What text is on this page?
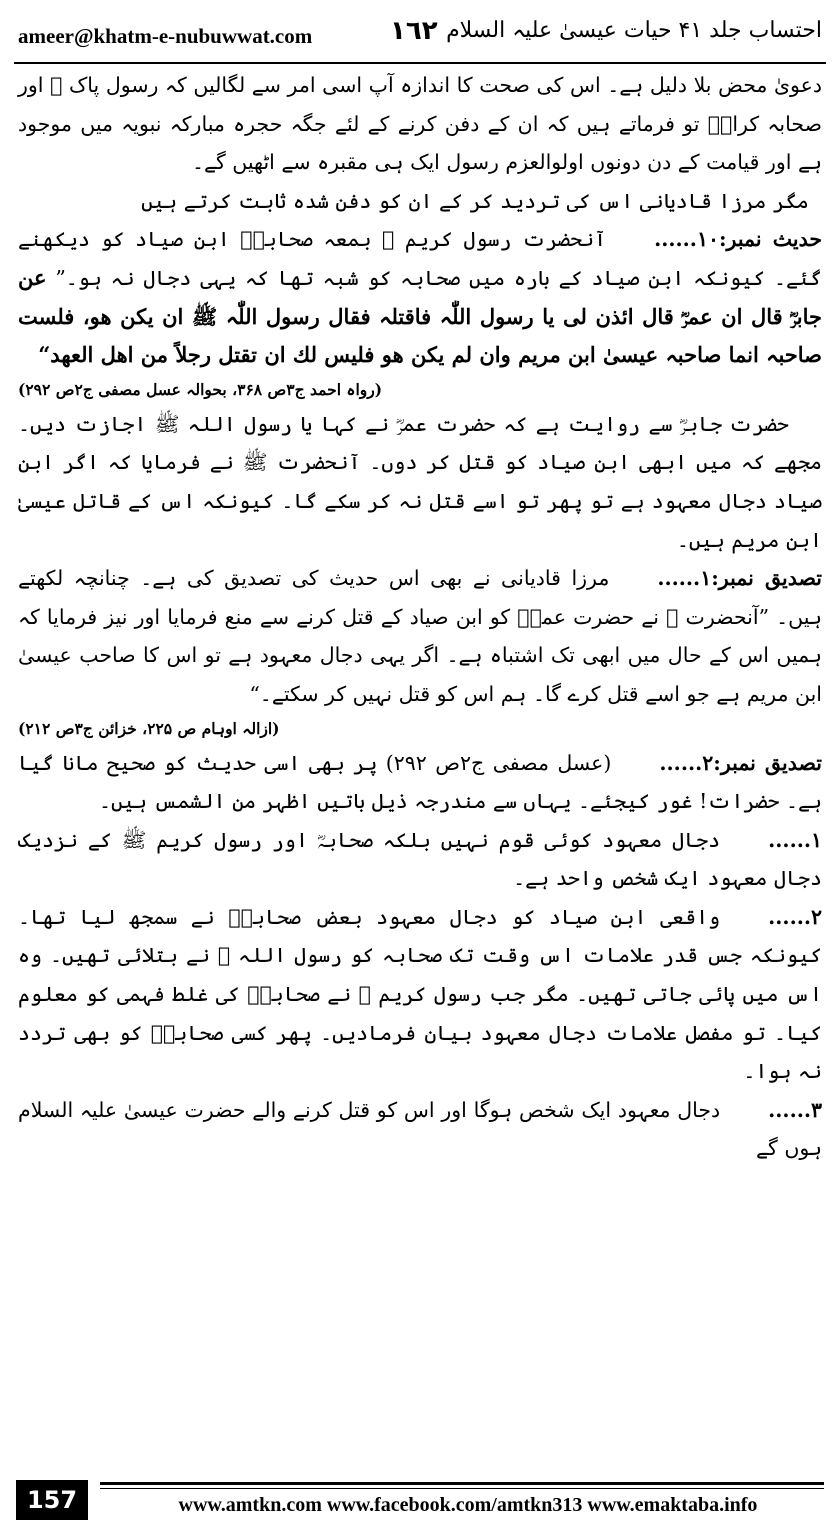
ameer@khatm-e-nubuwwat.com	١٦٢ احتساب جلد ۴۱ حیات عیسیٰ علیہ السلام

دعویٰ محض بلا دلیل ہے۔ اس کی صحت کا اندازہ آپ اسی امر سے لگالیں کہ رسول پاک ﷺ اور صحابہ کرامؓ تو فرماتے ہیں کہ ان کے دفن کرنے کے لئے جگہ حجرہ مبارکہ نبویہ میں موجود ہے اور قیامت کے دن دونوں اولوالعزم رسول ایک ہی مقبرہ سے اٹھیں گے۔

مگر مرزا قادیانی اس کی تردید کر کے ان کو دفن شدہ ثابت کرتے ہیں

حدیث نمبر:۱۰......آنحضرت رسول کریم ﷺ بمعہ صحابہؓ ابن صیاد کو دیکھنے گئے۔ کیونکہ ابن صیاد کے بارہ میں صحابہ کو شبہ تھا کہ یہی دجال نہ ہو۔” عن جابرؓ قال ان عمرؓ قال ائذن لی یا رسول اللّٰہ فاقتلہ فقال رسول اللّٰہ ﷺ ان یکن ھو، فلست صاحبہ انما صاحبہ عیسیٰ ابن مریم وان لم یکن ھو فلیس لك ان تقتل رجلاً من اھل العھد“
(رواہ احمد ج۳ص ۳۶۸، بحوالہ عسل مصفی ج۲ص ۲۹۲)

حضرت جابرؓ سے روایت ہے کہ حضرت عمرؓ نے کہا یا رسول اللہ ﷺ اجازت دیں۔ مجھے کہ میں ابھی ابن صیاد کو قتل کر دوں۔ آنحضرت ﷺ نے فرمایا کہ اگر ابن صیاد دجال معہود ہے تو پھر تو اسے قتل نہ کر سکے گا۔ کیونکہ اس کے قاتل عیسیٰ ابن مریم ہیں۔

تصدیق نمبر:۱......مرزا قادیانی نے بھی اس حدیث کی تصدیق کی ہے۔ چنانچہ لکھتے ہیں۔ ”آنحضرت ﷺ نے حضرت عمرؓ کو ابن صیاد کے قتل کرنے سے منع فرمایا اور نیز فرمایا کہ ہمیں اس کے حال میں ابھی تک اشتباہ ہے۔ اگر یہی دجال معہود ہے تو اس کا صاحب عیسیٰ ابن مریم ہے جو اسے قتل کرے گا۔ ہم اس کو قتل نہیں کر سکتے۔“
(ازالہ اوہام ص ۲۲۵، خزائن ج۳ص ۲۱۲)

تصدیق نمبر:۲......(عسل مصفی ج۲ص ۲۹۲) پر بھی اسی حدیث کو صحیح مانا گیا ہے۔ حضرات! غور کیجئے۔ یہاں سے مندرجہ ذیل باتیں اظہر من الشمس ہیں۔

۱......دجال معہود کوئی قوم نہیں بلکہ صحابہؓ اور رسول کریم ﷺ کے نزدیک دجال معہود ایک شخص واحد ہے۔

۲......واقعی ابن صیاد کو دجال معہود بعض صحابہؓ نے سمجھ لیا تھا۔ کیونکہ جس قدر علامات اس وقت تک صحابہ کو رسول اللہ ﷺ نے بتلائی تھیں۔ وہ اس میں پائی جاتی تھیں۔ مگر جب رسول کریم ﷺ نے صحابہؓ کی غلط فہمی کو معلوم کیا۔ تو مفصل علامات دجال معہود بیان فرمادیں۔ پھر کسی صحابیؓ کو بھی تردد نہ ہوا۔

۳......دجال معہود ایک شخص ہوگا اور اس کو قتل کرنے والے حضرت عیسیٰ علیہ السلام ہوں گے

157	www.amtkn.com www.facebook.com/amtkn313 www.emaktaba.info
